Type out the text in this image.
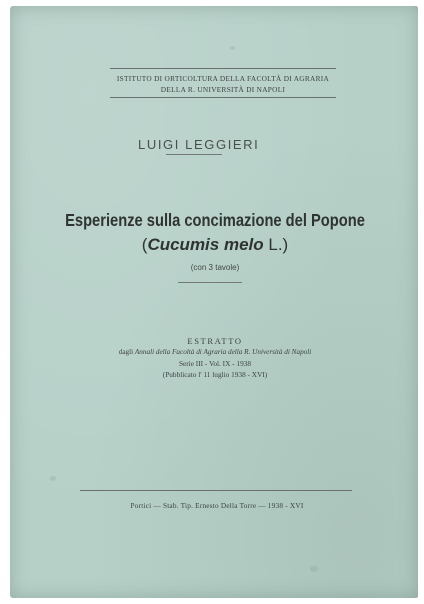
ISTITUTO DI ORTICOLTURA DELLA FACOLTÀ DI AGRARIA
DELLA R. UNIVERSITÀ DI NAPOLI
LUIGI LEGGIERI
Esperienze sulla concimazione del Popone
(Cucumis melo L.)
(con 3 tavole)
ESTRATTO
dagli Annali della Facoltà di Agraria della R. Università di Napoli
Serie III - Vol. IX - 1938
(Pubblicato l' 11 luglio 1938 - XVI)
Portici — Stab. Tip. Ernesto Della Torre — 1938 - XVI
